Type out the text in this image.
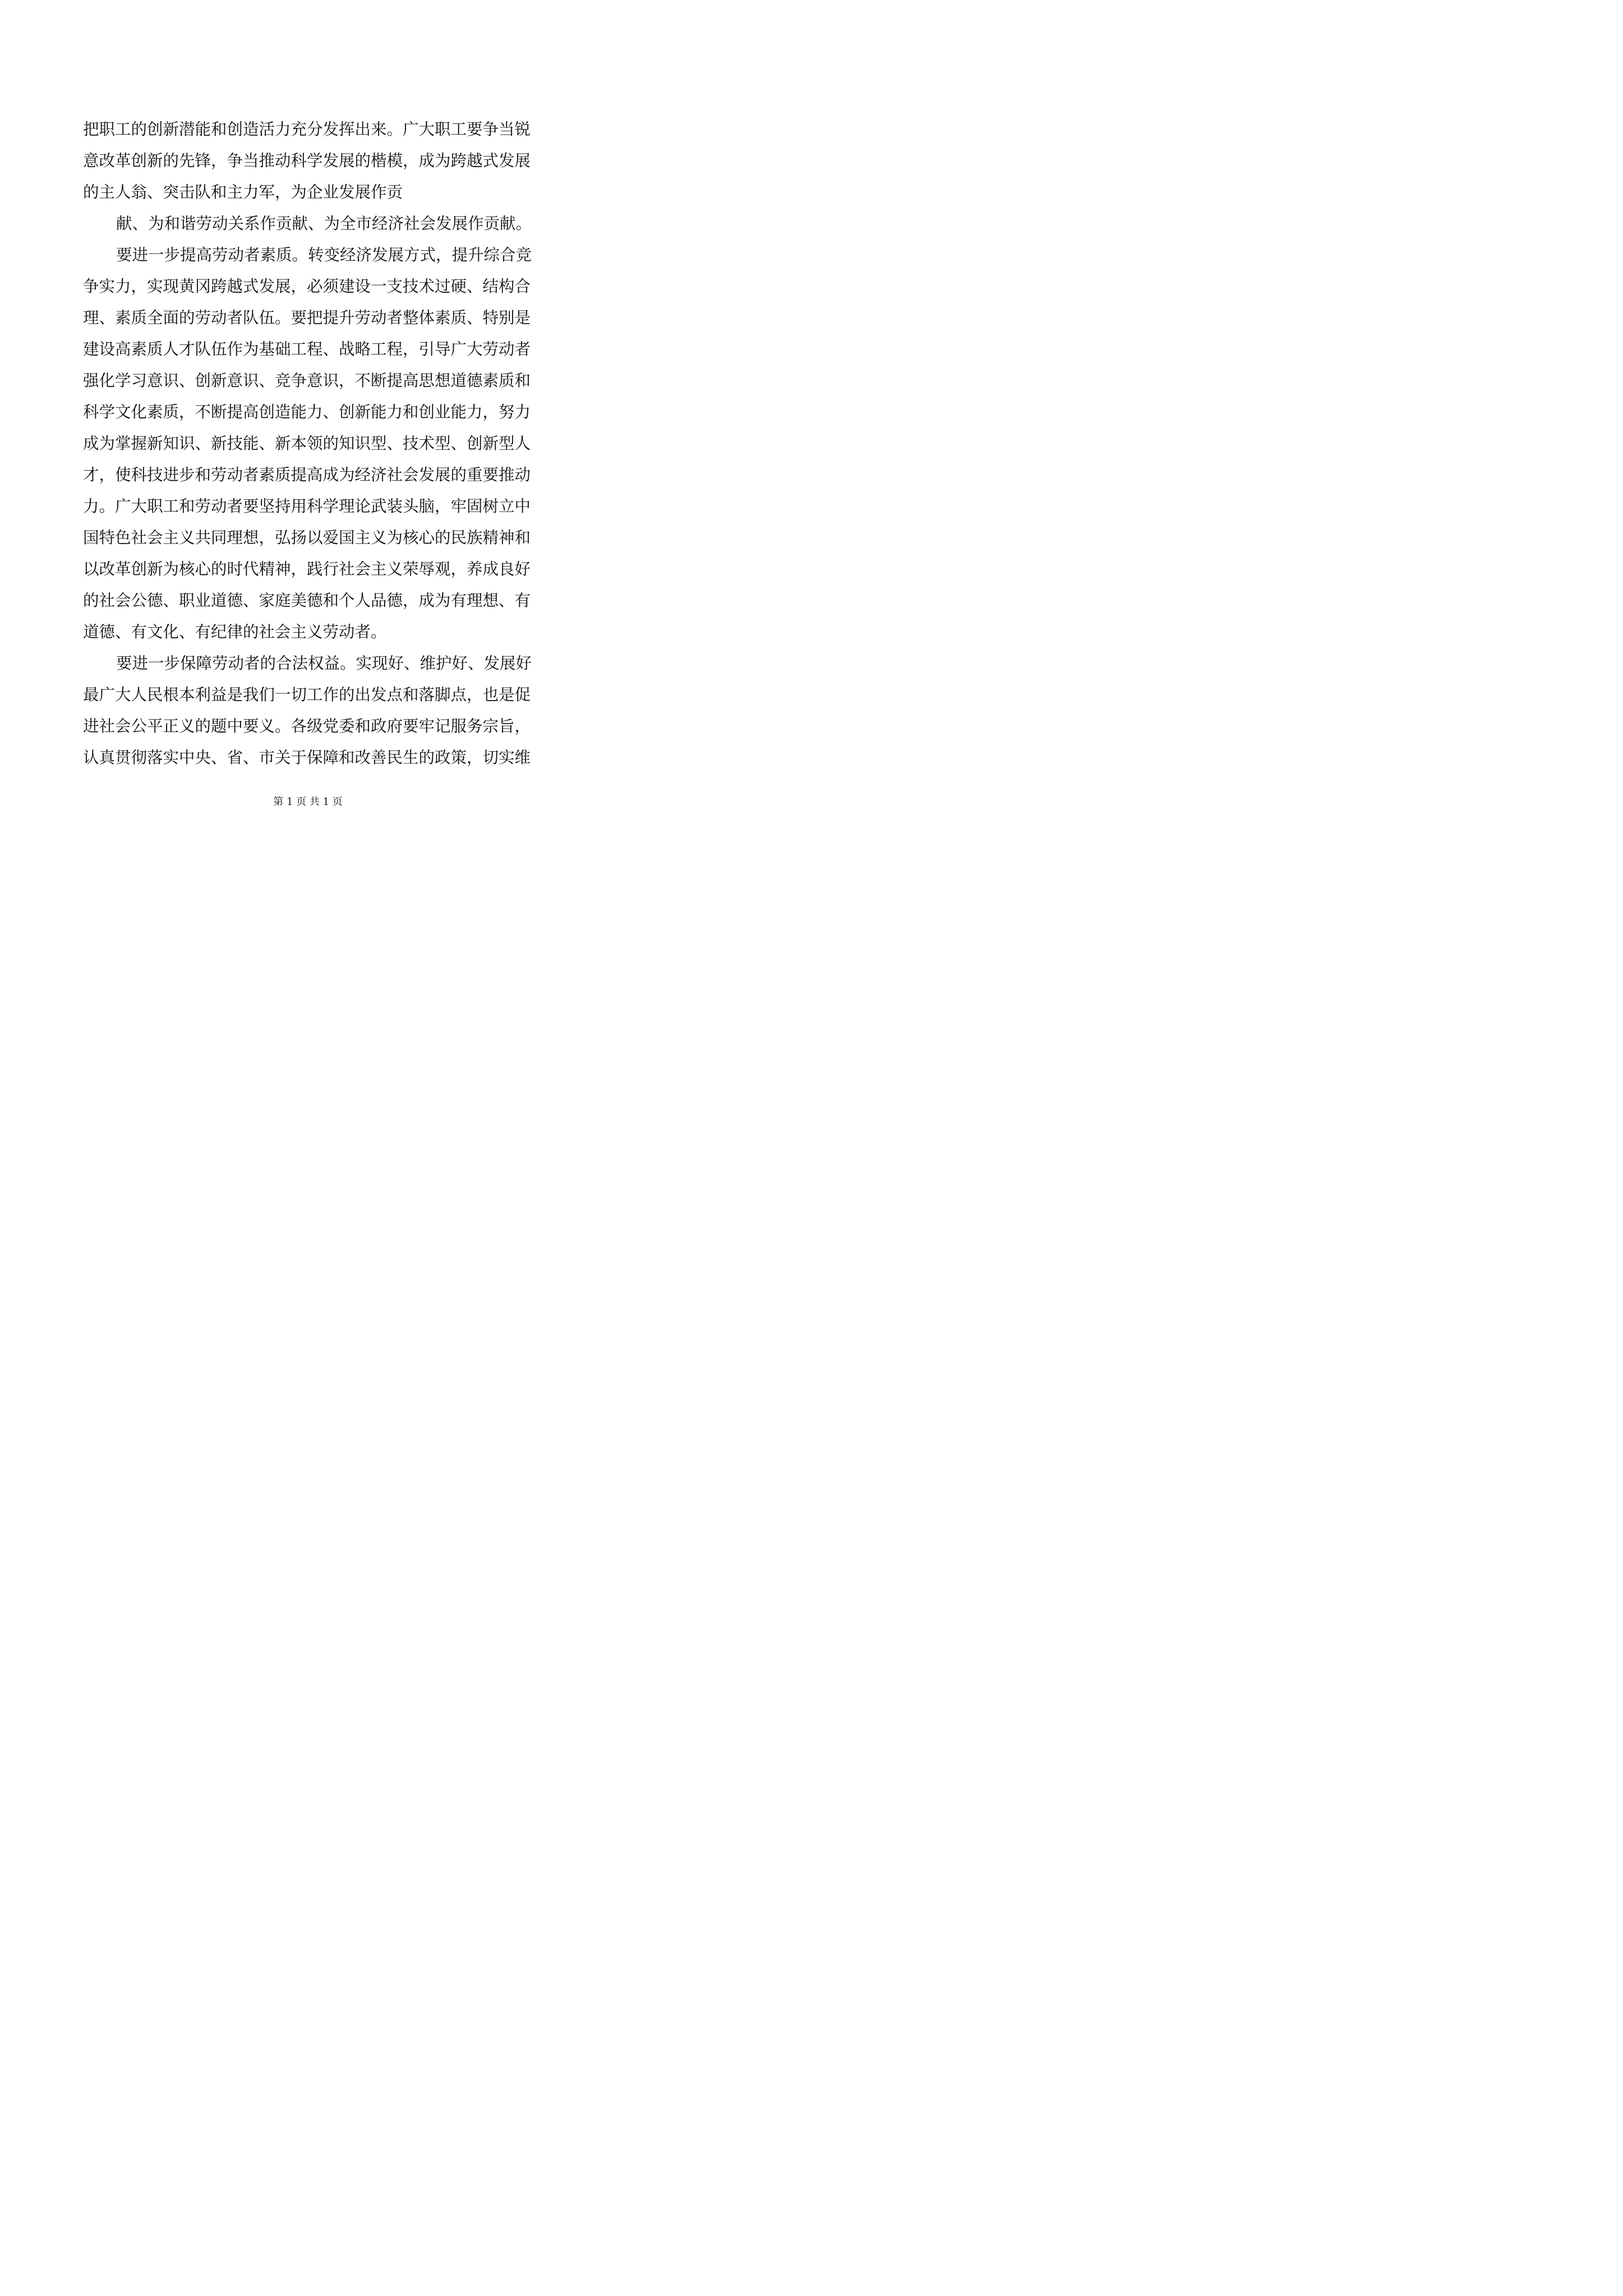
把职工的创新潜能和创造活力充分发挥出来。广大职工要争当锐
意改革创新的先锋，争当推动科学发展的楷模，成为跨越式发展
的主人翁、突击队和主力军，为企业发展作贡
献、为和谐劳动关系作贡献、为全市经济社会发展作贡献。
要进一步提高劳动者素质。转变经济发展方式，提升综合竞
争实力，实现黄冈跨越式发展，必须建设一支技术过硬、结构合
理、素质全面的劳动者队伍。要把提升劳动者整体素质、特别是
建设高素质人才队伍作为基础工程、战略工程，引导广大劳动者
强化学习意识、创新意识、竞争意识，不断提高思想道德素质和
科学文化素质，不断提高创造能力、创新能力和创业能力，努力
成为掌握新知识、新技能、新本领的知识型、技术型、创新型人
才，使科技进步和劳动者素质提高成为经济社会发展的重要推动
力。广大职工和劳动者要坚持用科学理论武装头脑，牢固树立中
国特色社会主义共同理想，弘扬以爱国主义为核心的民族精神和
以改革创新为核心的时代精神，践行社会主义荣辱观，养成良好
的社会公德、职业道德、家庭美德和个人品德，成为有理想、有
道德、有文化、有纪律的社会主义劳动者。
要进一步保障劳动者的合法权益。实现好、维护好、发展好
最广大人民根本利益是我们一切工作的出发点和落脚点，也是促
进社会公平正义的题中要义。各级党委和政府要牢记服务宗旨，
认真贯彻落实中央、省、市关于保障和改善民生的政策，切实维
第 1 页 共 1 页
